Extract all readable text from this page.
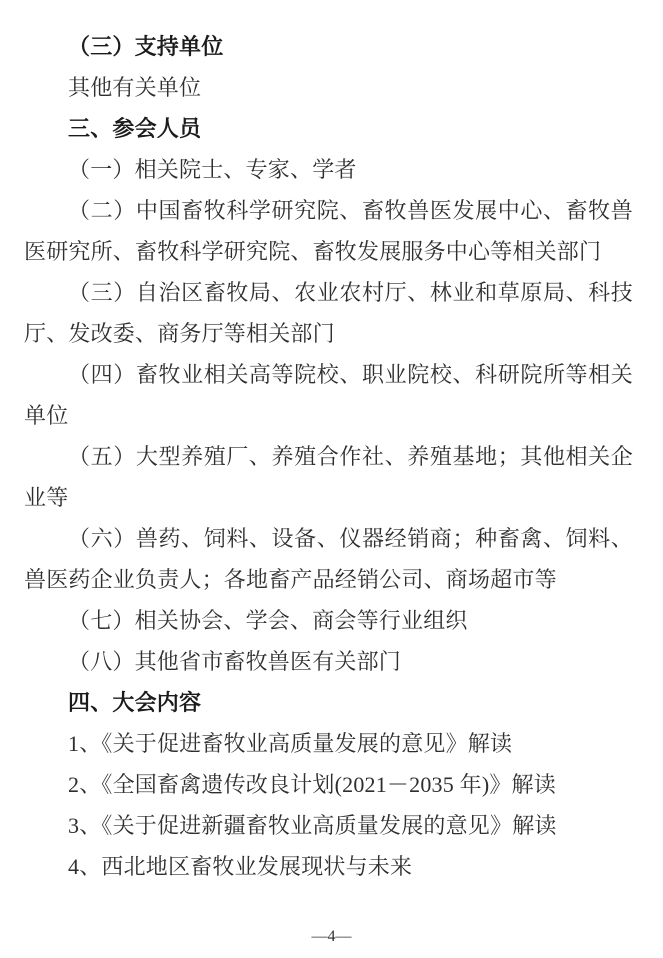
（三）支持单位

其他有关单位

三、参会人员

（一）相关院士、专家、学者

（二）中国畜牧科学研究院、畜牧兽医发展中心、畜牧兽医研究所、畜牧科学研究院、畜牧发展服务中心等相关部门

（三）自治区畜牧局、农业农村厅、林业和草原局、科技厅、发改委、商务厅等相关部门

（四）畜牧业相关高等院校、职业院校、科研院所等相关单位

（五）大型养殖厂、养殖合作社、养殖基地；其他相关企业等

（六）兽药、饲料、设备、仪器经销商；种畜禽、饲料、兽医药企业负责人；各地畜产品经销公司、商场超市等

（七）相关协会、学会、商会等行业组织

（八）其他省市畜牧兽医有关部门

四、大会内容

1、《关于促进畜牧业高质量发展的意见》解读

2、《全国畜禽遗传改良计划(2021－2035 年)》解读

3、《关于促进新疆畜牧业高质量发展的意见》解读

4、西北地区畜牧业发展现状与未来

—4—
